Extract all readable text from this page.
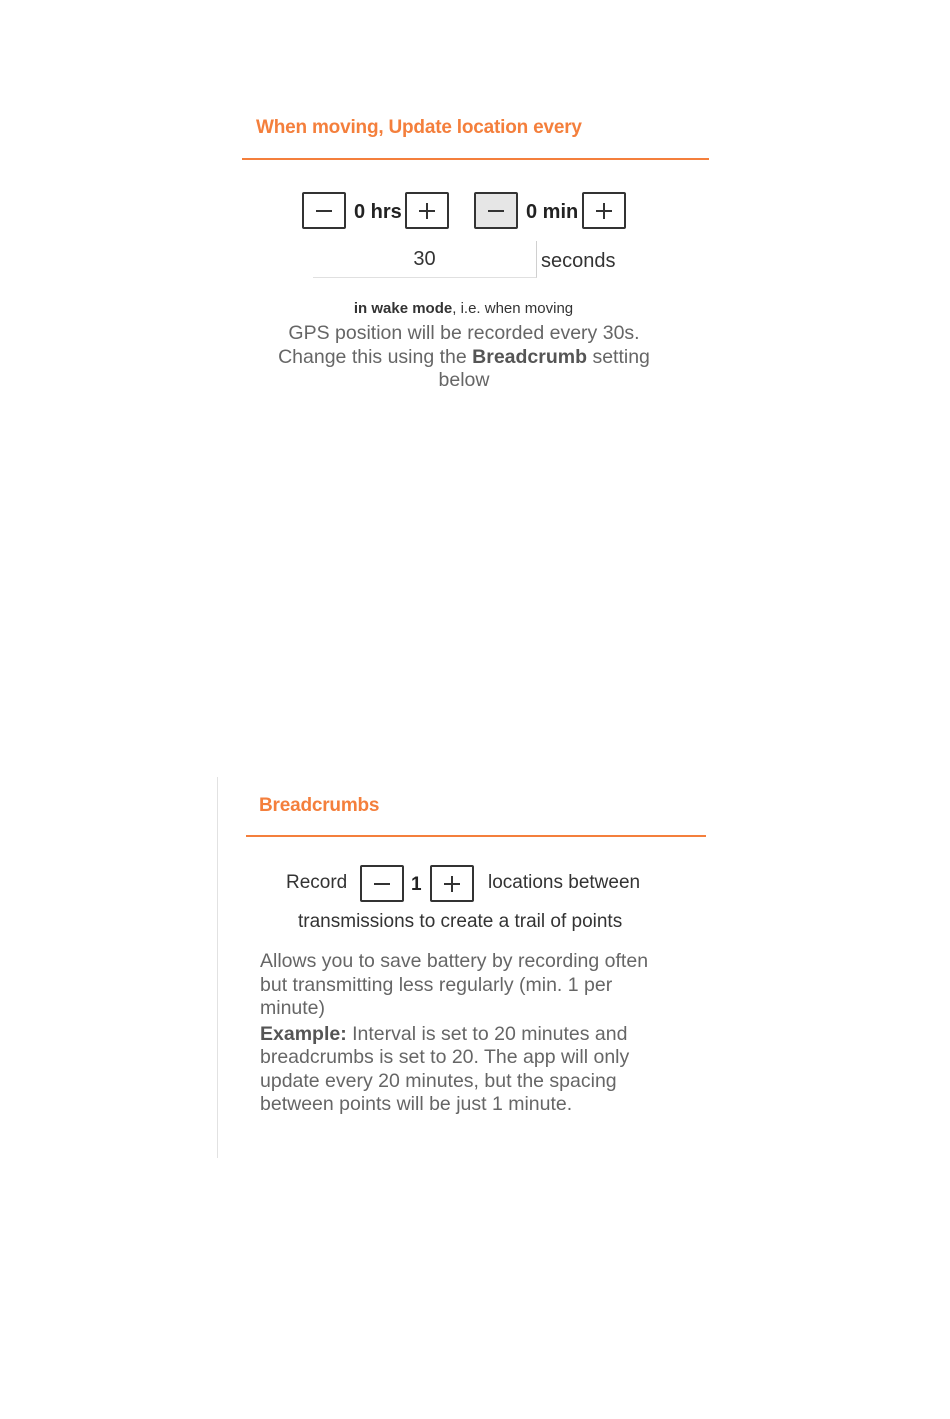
When moving, Update location every
0 hrs	0 min
30
seconds
in wake mode, i.e. when moving
GPS position will be recorded every 30s. Change this using the Breadcrumb setting below
Breadcrumbs
Record	1	locations between
transmissions to create a trail of points
Allows you to save battery by recording often but transmitting less regularly (min. 1 per minute)
Example: Interval is set to 20 minutes and breadcrumbs is set to 20. The app will only update every 20 minutes, but the spacing between points will be just 1 minute.
